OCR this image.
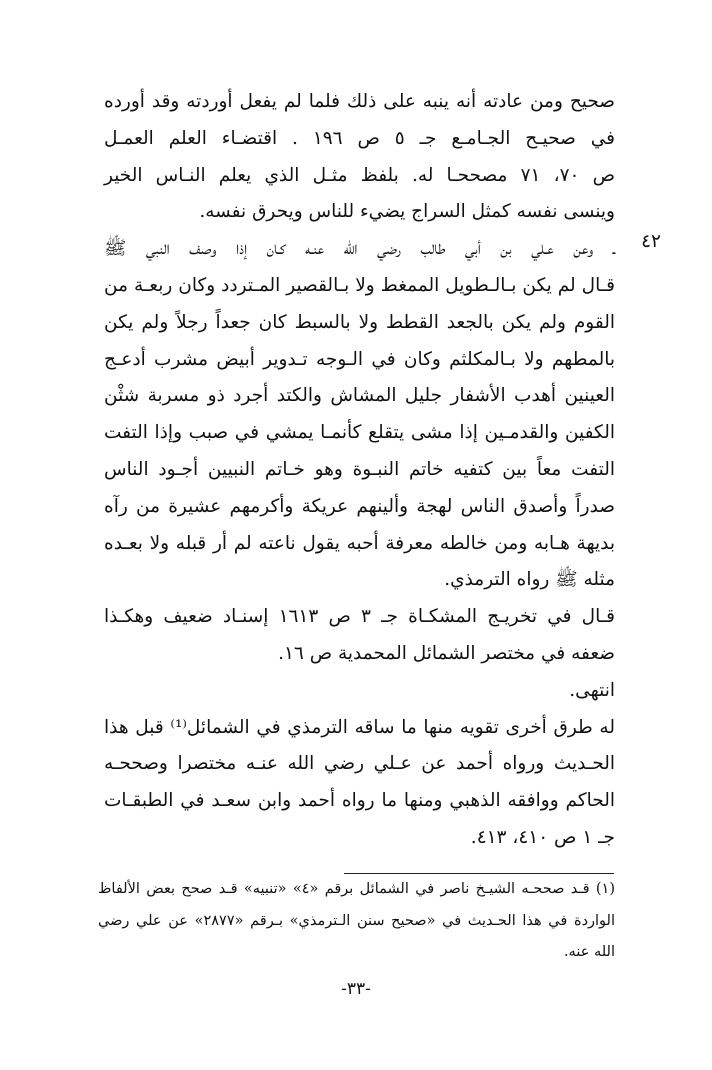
صحيح ومن عادته أنه ينبه على ذلك فلما لم يفعل أوردته وقد أورده
في صحيـح الجـامـع جـ ٥ ص ١٩٦ . اقتضـاء العلم العمـل
ص ٧٠، ٧١ مصححـا له. بلفظ مثـل الذي يعلم النـاس الخير
وينسى نفسه كمثل السراج يضيء للناس ويحرق نفسه.
٤٢
ـ وعن عـلي بن أبي طالب رضي الله عنـه كـان إذا وصف النبي ﷺ
قـال لم يكن بـالـطويل الممغط ولا بـالقصير المـتردد وكان ربعـة من
القوم ولم يكن بالجعد القطط ولا بالسبط كان جعداً رجلاً ولم يكن
بالمطهم ولا بـالمكلثم وكان في الـوجه تـدوير أبيض مشرب أدعـج
العينين أهدب الأشفار جليل المشاش والكتد أجرد ذو مسربة شثْن
الكفين والقدمـين إذا مشى يتقلع كأنمـا يمشي في صبب وإذا التفت
التفت معاً بين كتفيه خاتم النبـوة وهو خـاتم النبيين أجـود الناس
صدراً وأصدق الناس لهجة وألينهم عريكة وأكرمهم عشيرة من رآه
بديهة هـابه ومن خالطه معرفة أحبه يقول ناعته لم أر قبله ولا بعـده
مثله ﷺ رواه الترمذي.
قـال في تخريـج المشكـاة جـ ٣ ص ١٦١٣ إسنـاد ضعيف وهكـذا
ضعفه في مختصر الشمائل المحمدية ص ١٦.
انتهى.
له طرق أخرى تقويه منها ما ساقه الترمذي في الشمائل⁽¹⁾ قبل هذا
الحـديث ورواه أحمد عن عـلي رضي الله عنـه مختصرا وصححـه
الحاكم ووافقه الذهبي ومنها ما رواه أحمد وابن سعـد في الطبقـات
جـ ١ ص ٤١٠، ٤١٣.
(١) قـد صححـه الشيـخ ناصر في الشمائل برقم «٤» «تنبيه» قـد صحح بعض الألفاظ
الواردة في هذا الحـديث في «صحيح سنن الـترمذي» بـرقم «٢٨٧٧» عن علي رضي
الله عنه.
-٣٣-
